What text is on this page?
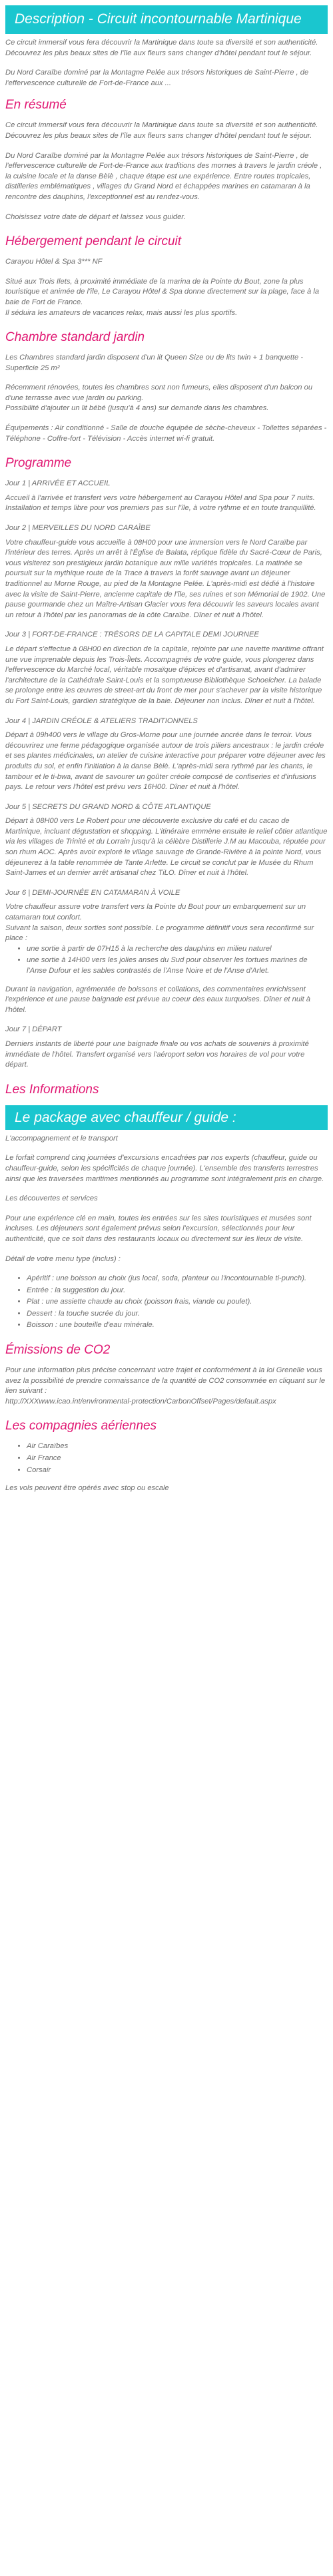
Description - Circuit incontournable Martinique

Ce circuit immersif vous fera découvrir la Martinique dans toute sa diversité et son authenticité. Découvrez les plus beaux sites de l'île aux fleurs sans changer d'hôtel pendant tout le séjour.

Du Nord Caraïbe dominé par la Montagne Pelée aux trésors historiques de Saint-Pierre , de l'effervescence culturelle de Fort-de-France aux ...

En résumé

Ce circuit immersif vous fera découvrir la Martinique dans toute sa diversité et son authenticité. Découvrez les plus beaux sites de l'île aux fleurs sans changer d'hôtel pendant tout le séjour.

Du Nord Caraïbe dominé par la Montagne Pelée aux trésors historiques de Saint-Pierre , de l'effervescence culturelle de Fort-de-France aux traditions des mornes à travers le jardin créole , la cuisine locale et la danse Bèlè , chaque étape est une expérience. Entre routes tropicales, distilleries emblématiques , villages du Grand Nord et échappées marines en catamaran à la rencontre des dauphins, l'exceptionnel est au rendez-vous.

Choisissez votre date de départ et laissez vous guider.

Hébergement pendant le circuit

Carayou Hôtel & Spa 3*** NF

Situé aux Trois Ilets, à proximité immédiate de la marina de la Pointe du Bout, zone la plus touristique et animée de l'île, Le Carayou Hôtel & Spa donne directement sur la plage, face à la baie de Fort de France.

Il séduira les amateurs de vacances relax, mais aussi les plus sportifs.

Chambre standard jardin

Les Chambres standard jardin disposent d'un lit Queen Size ou de lits twin + 1 banquette - Superficie 25 m²

Récemment rénovées, toutes les chambres sont non fumeurs, elles disposent d'un balcon ou d'une terrasse avec vue jardin ou parking.

Possibilité d'ajouter un lit bébé (jusqu'à 4 ans) sur demande dans les chambres.

Équipements : Air conditionné - Salle de douche équipée de sèche-cheveux - Toilettes séparées - Téléphone - Coffre-fort - Télévision - Accès internet wi-fi gratuit.

Programme

Jour 1 | ARRIVÉE ET ACCUEIL

Accueil à l'arrivée et transfert vers votre hébergement au Carayou Hôtel and Spa pour 7 nuits. Installation et temps libre pour vos premiers pas sur l'île, à votre rythme et en toute tranquillité.

Jour 2 | MERVEILLES DU NORD CARAÏBE

Votre chauffeur-guide vous accueille à 08H00 pour une immersion vers le Nord Caraïbe par l'intérieur des terres. Après un arrêt à l'Église de Balata, réplique fidèle du Sacré-Cœur de Paris, vous visiterez son prestigieux jardin botanique aux mille variétés tropicales. La matinée se poursuit sur la mythique route de la Trace à travers la forêt sauvage avant un déjeuner traditionnel au Morne Rouge, au pied de la Montagne Pelée. L'après-midi est dédié à l'histoire avec la visite de Saint-Pierre, ancienne capitale de l'île, ses ruines et son Mémorial de 1902. Une pause gourmande chez un Maître-Artisan Glacier vous fera découvrir les saveurs locales avant un retour à l'hôtel par les panoramas de la côte Caraïbe. Dîner et nuit à l'hôtel.

Jour 3 | FORT-DE-FRANCE : TRÉSORS DE LA CAPITALE DEMI JOURNEE

Le départ s'effectue à 08H00 en direction de la capitale, rejointe par une navette maritime offrant une vue imprenable depuis les Trois-Îlets. Accompagnés de votre guide, vous plongerez dans l'effervescence du Marché local, véritable mosaïque d'épices et d'artisanat, avant d'admirer l'architecture de la Cathédrale Saint-Louis et la somptueuse Bibliothèque Schoelcher. La balade se prolonge entre les œuvres de street-art du front de mer pour s'achever par la visite historique du Fort Saint-Louis, gardien stratégique de la baie. Déjeuner non inclus. Dîner et nuit à l'hôtel.

Jour 4 | JARDIN CRÉOLE & ATELIERS TRADITIONNELS

Départ à 09h400 vers le village du Gros-Morne pour une journée ancrée dans le terroir. Vous découvrirez une ferme pédagogique organisée autour de trois piliers ancestraux : le jardin créole et ses plantes médicinales, un atelier de cuisine interactive pour préparer votre déjeuner avec les produits du sol, et enfin l'initiation à la danse Bèlè. L'après-midi sera rythmé par les chants, le tambour et le ti-bwa, avant de savourer un goûter créole composé de confiseries et d'infusions pays. Le retour vers l'hôtel est prévu vers 16H00. Dîner et nuit à l'hôtel.

Jour 5 | SECRETS DU GRAND NORD & CÔTE ATLANTIQUE

Départ à 08H00 vers Le Robert pour une découverte exclusive du café et du cacao de Martinique, incluant dégustation et shopping. L'itinéraire emmène ensuite le relief côtier atlantique via les villages de Trinité et du Lorrain jusqu'à la célèbre Distillerie J.M au Macouba, réputée pour son rhum AOC. Après avoir exploré le village sauvage de Grande-Rivière à la pointe Nord, vous déjeunerez à la table renommée de Tante Arlette. Le circuit se conclut par le Musée du Rhum Saint-James et un dernier arrêt artisanal chez TiLO. Dîner et nuit à l'hôtel.

Jour 6 | DEMI-JOURNÉE EN CATAMARAN À VOILE

Votre chauffeur assure votre transfert vers la Pointe du Bout pour un embarquement sur un catamaran tout confort.

Suivant la saison, deux sorties sont possible. Le programme définitif vous sera reconfirmé sur place :

• une sortie à partir de 07H15 à la recherche des dauphins en milieu naturel
• une sortie à 14H00 vers les jolies anses du Sud pour observer les tortues marines de l'Anse Dufour et les sables contrastés de l'Anse Noire et de l'Anse d'Arlet.

Durant la navigation, agrémentée de boissons et collations, des commentaires enrichissent l'expérience et une pause baignade est prévue au coeur des eaux turquoises. Dîner et nuit à l'hôtel.

Jour 7 | DÉPART

Derniers instants de liberté pour une baignade finale ou vos achats de souvenirs à proximité immédiate de l'hôtel. Transfert organisé vers l'aéroport selon vos horaires de vol pour votre départ.

Les Informations
Le package avec chauffeur / guide :

L'accompagnement et le transport

Le forfait comprend cinq journées d'excursions encadrées par nos experts (chauffeur, guide ou chauffeur-guide, selon les spécificités de chaque journée). L'ensemble des transferts terrestres ainsi que les traversées maritimes mentionnés au programme sont intégralement pris en charge.

Les découvertes et services

Pour une expérience clé en main, toutes les entrées sur les sites touristiques et musées sont incluses. Les déjeuners sont également prévus selon l'excursion, sélectionnés pour leur authenticité, que ce soit dans des restaurants locaux ou directement sur les lieux de visite.

Détail de votre menu type (inclus) :

• Apéritif : une boisson au choix (jus local, soda, planteur ou l'incontournable ti-punch).
• Entrée : la suggestion du jour.
• Plat : une assiette chaude au choix (poisson frais, viande ou poulet).
• Dessert : la touche sucrée du jour.
• Boisson : une bouteille d'eau minérale.
Émissions de CO2

Pour une information plus précise concernant votre trajet et conformément à la loi Grenelle vous avez la possibilité de prendre connaissance de la quantité de CO2 consommée en cliquant sur le lien suivant :

http://XXXwww.icao.int/environmental-protection/CarbonOffset/Pages/default.aspx

Les compagnies aériennes
• Air Caraïbes
• Air France
• Corsair

Les vols peuvent être opérés avec stop ou escale
